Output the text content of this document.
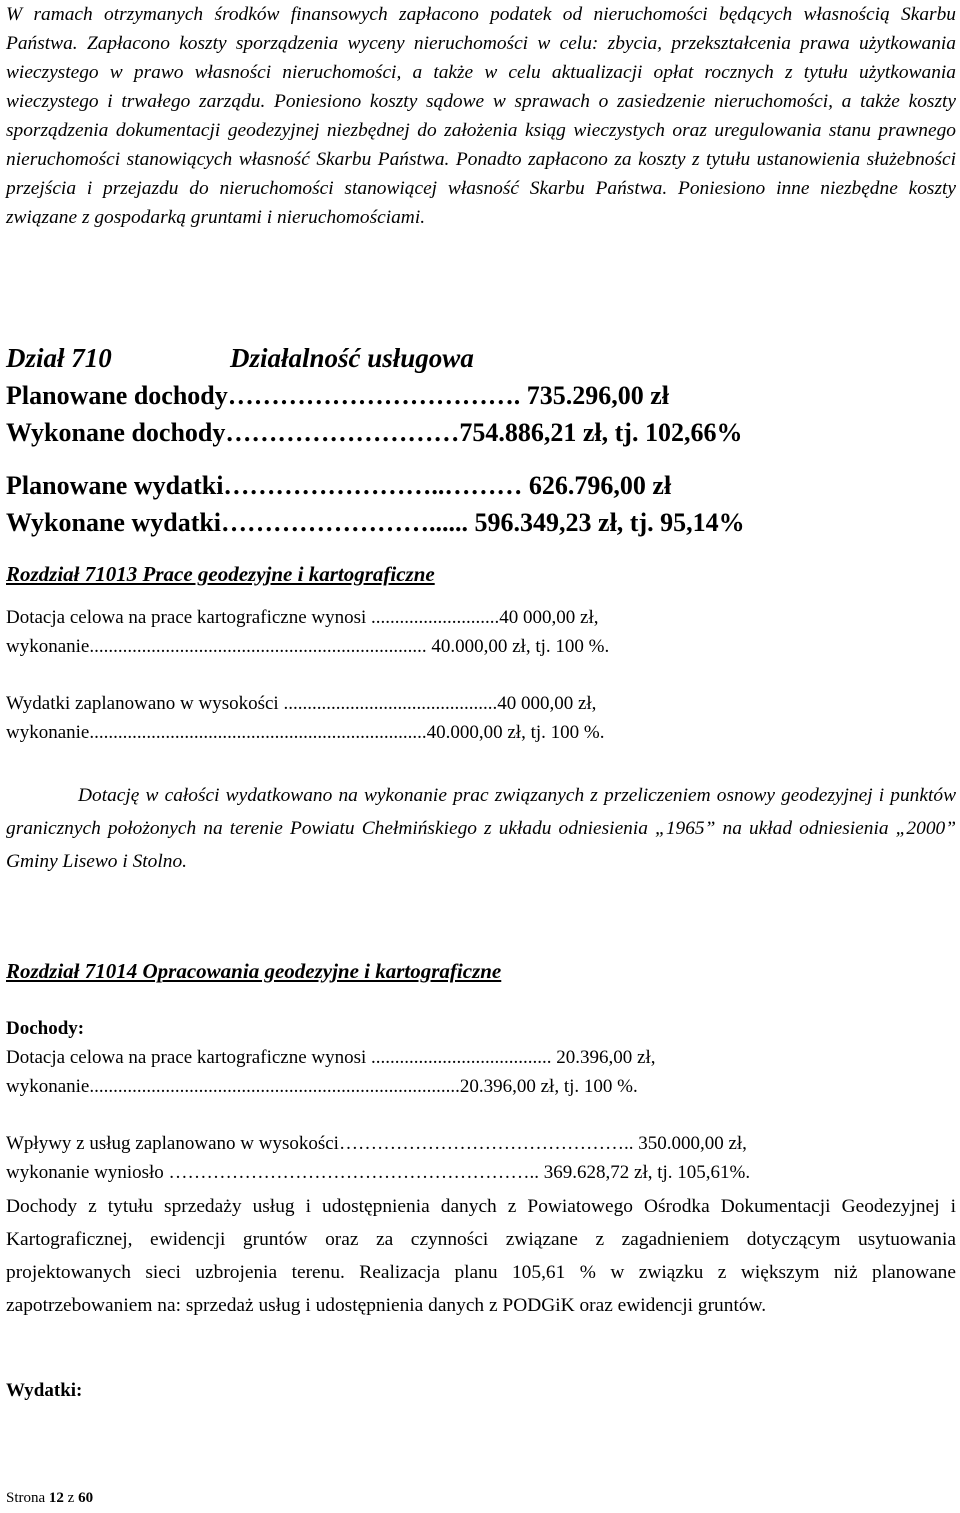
W ramach otrzymanych środków finansowych zapłacono podatek od nieruchomości będących własnością Skarbu Państwa. Zapłacono koszty sporządzenia wyceny nieruchomości w celu: zbycia, przekształcenia prawa użytkowania wieczystego w prawo własności nieruchomości, a także w celu aktualizacji opłat rocznych z tytułu użytkowania wieczystego i trwałego zarządu. Poniesiono koszty sądowe w sprawach o zasiedzenie nieruchomości, a także koszty sporządzenia dokumentacji geodezyjnej niezbędnej do założenia ksiąg wieczystych oraz uregulowania stanu prawnego nieruchomości stanowiących własność Skarbu Państwa. Ponadto zapłacono za koszty z tytułu ustanowienia służebności przejścia i przejazdu do nieruchomości stanowiącej własność Skarbu Państwa. Poniesiono inne niezbędne koszty związane z gospodarką gruntami i nieruchomościami.

Dział 710	Działalność usługowa
Planowane dochody……………………………. 735.296,00 zł
Wykonane dochody………………………754.886,21 zł, tj. 102,66%
Planowane wydatki……………………..……… 626.796,00 zł
Wykonane wydatki……………………...... 596.349,23 zł, tj. 95,14%
Rozdział 71013 Prace geodezyjne i kartograficzne
Dotacja celowa na prace kartograficzne wynosi ...........................40 000,00 zł,
wykonanie....................................................................... 40.000,00 zł, tj. 100 %.
Wydatki zaplanowano w wysokości .............................................40 000,00 zł,
wykonanie.......................................................................40.000,00 zł, tj. 100 %.

Dotację w całości wydatkowano na wykonanie prac związanych z przeliczeniem osnowy geodezyjnej i punktów granicznych położonych na terenie Powiatu Chełmińskiego z układu odniesienia „1965” na układ odniesienia „2000” Gminy Lisewo i Stolno.

Rozdział 71014 Opracowania geodezyjne i kartograficzne
Dochody:
Dotacja celowa na prace kartograficzne wynosi ...................................... 20.396,00 zł,
wykonanie..............................................................................20.396,00 zł, tj. 100 %.
Wpływy z usług zaplanowano w wysokości……………………………………….. 350.000,00 zł,
wykonanie wyniosło ………………………………………………….. 369.628,72 zł, tj. 105,61%.

Dochody z tytułu sprzedaży usług i udostępnienia danych z Powiatowego Ośrodka Dokumentacji Geodezyjnej i Kartograficznej, ewidencji gruntów oraz za czynności związane z zagadnieniem dotyczącym usytuowania projektowanych sieci uzbrojenia terenu. Realizacja planu 105,61 % w związku z większym niż planowane zapotrzebowaniem na: sprzedaż usług i udostępnienia danych z PODGiK oraz ewidencji gruntów.

Wydatki:
Strona 12 z 60
